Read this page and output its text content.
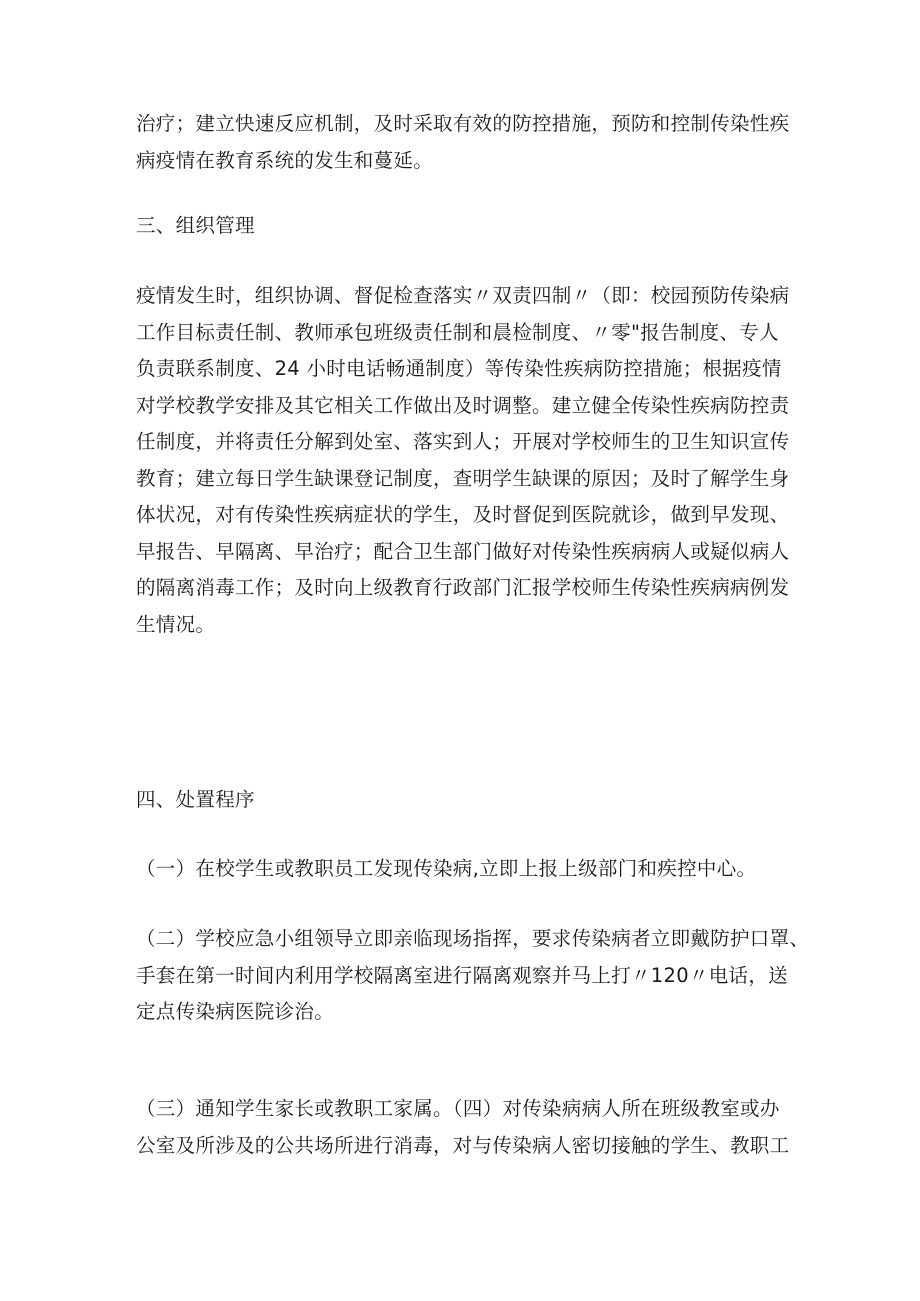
治疗；建立快速反应机制，及时采取有效的防控措施，预防和控制传染性疾
病疫情在教育系统的发生和蔓延。

三、组织管理

疫情发生时，组织协调、督促检查落实〃双责四制〃（即：校园预防传染病
工作目标责任制、教师承包班级责任制和晨检制度、〃零"报告制度、专人
负责联系制度、24 小时电话畅通制度）等传染性疾病防控措施；根据疫情
对学校教学安排及其它相关工作做出及时调整。建立健全传染性疾病防控责
任制度，并将责任分解到处室、落实到人；开展对学校师生的卫生知识宣传
教育；建立每日学生缺课登记制度，查明学生缺课的原因；及时了解学生身
体状况，对有传染性疾病症状的学生，及时督促到医院就诊，做到早发现、
早报告、早隔离、早治疗；配合卫生部门做好对传染性疾病病人或疑似病人
的隔离消毒工作；及时向上级教育行政部门汇报学校师生传染性疾病病例发
生情况。

四、处置程序

（一）在校学生或教职员工发现传染病,立即上报上级部门和疾控中心。

（二）学校应急小组领导立即亲临现场指挥，要求传染病者立即戴防护口罩、
手套在第一时间内利用学校隔离室进行隔离观察并马上打〃120〃电话，送
定点传染病医院诊治。

（三）通知学生家长或教职工家属。（四）对传染病病人所在班级教室或办
公室及所涉及的公共场所进行消毒，对与传染病人密切接触的学生、教职工
